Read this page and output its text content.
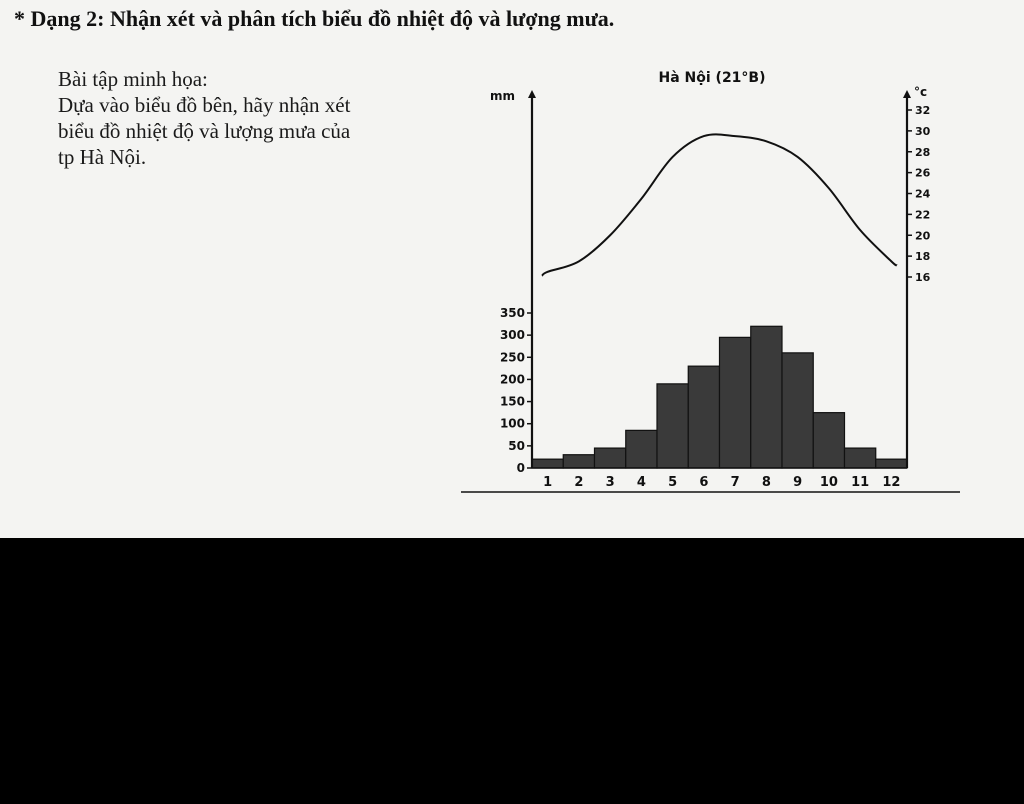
* Dạng 2: Nhận xét và phân tích biểu đồ nhiệt độ và lượng mưa.
Bài tập minh họa:
Dựa vào biểu đồ bên, hãy nhận xét
biểu đồ nhiệt độ và lượng mưa của
tp Hà Nội.
Hà Nội (21°B)
mm	°c
0
50
100
150
200
250
300
350
16
18
20
22
24
26
28
30
32
1 2 3 4 5 6 7 8 9 10 11 12
